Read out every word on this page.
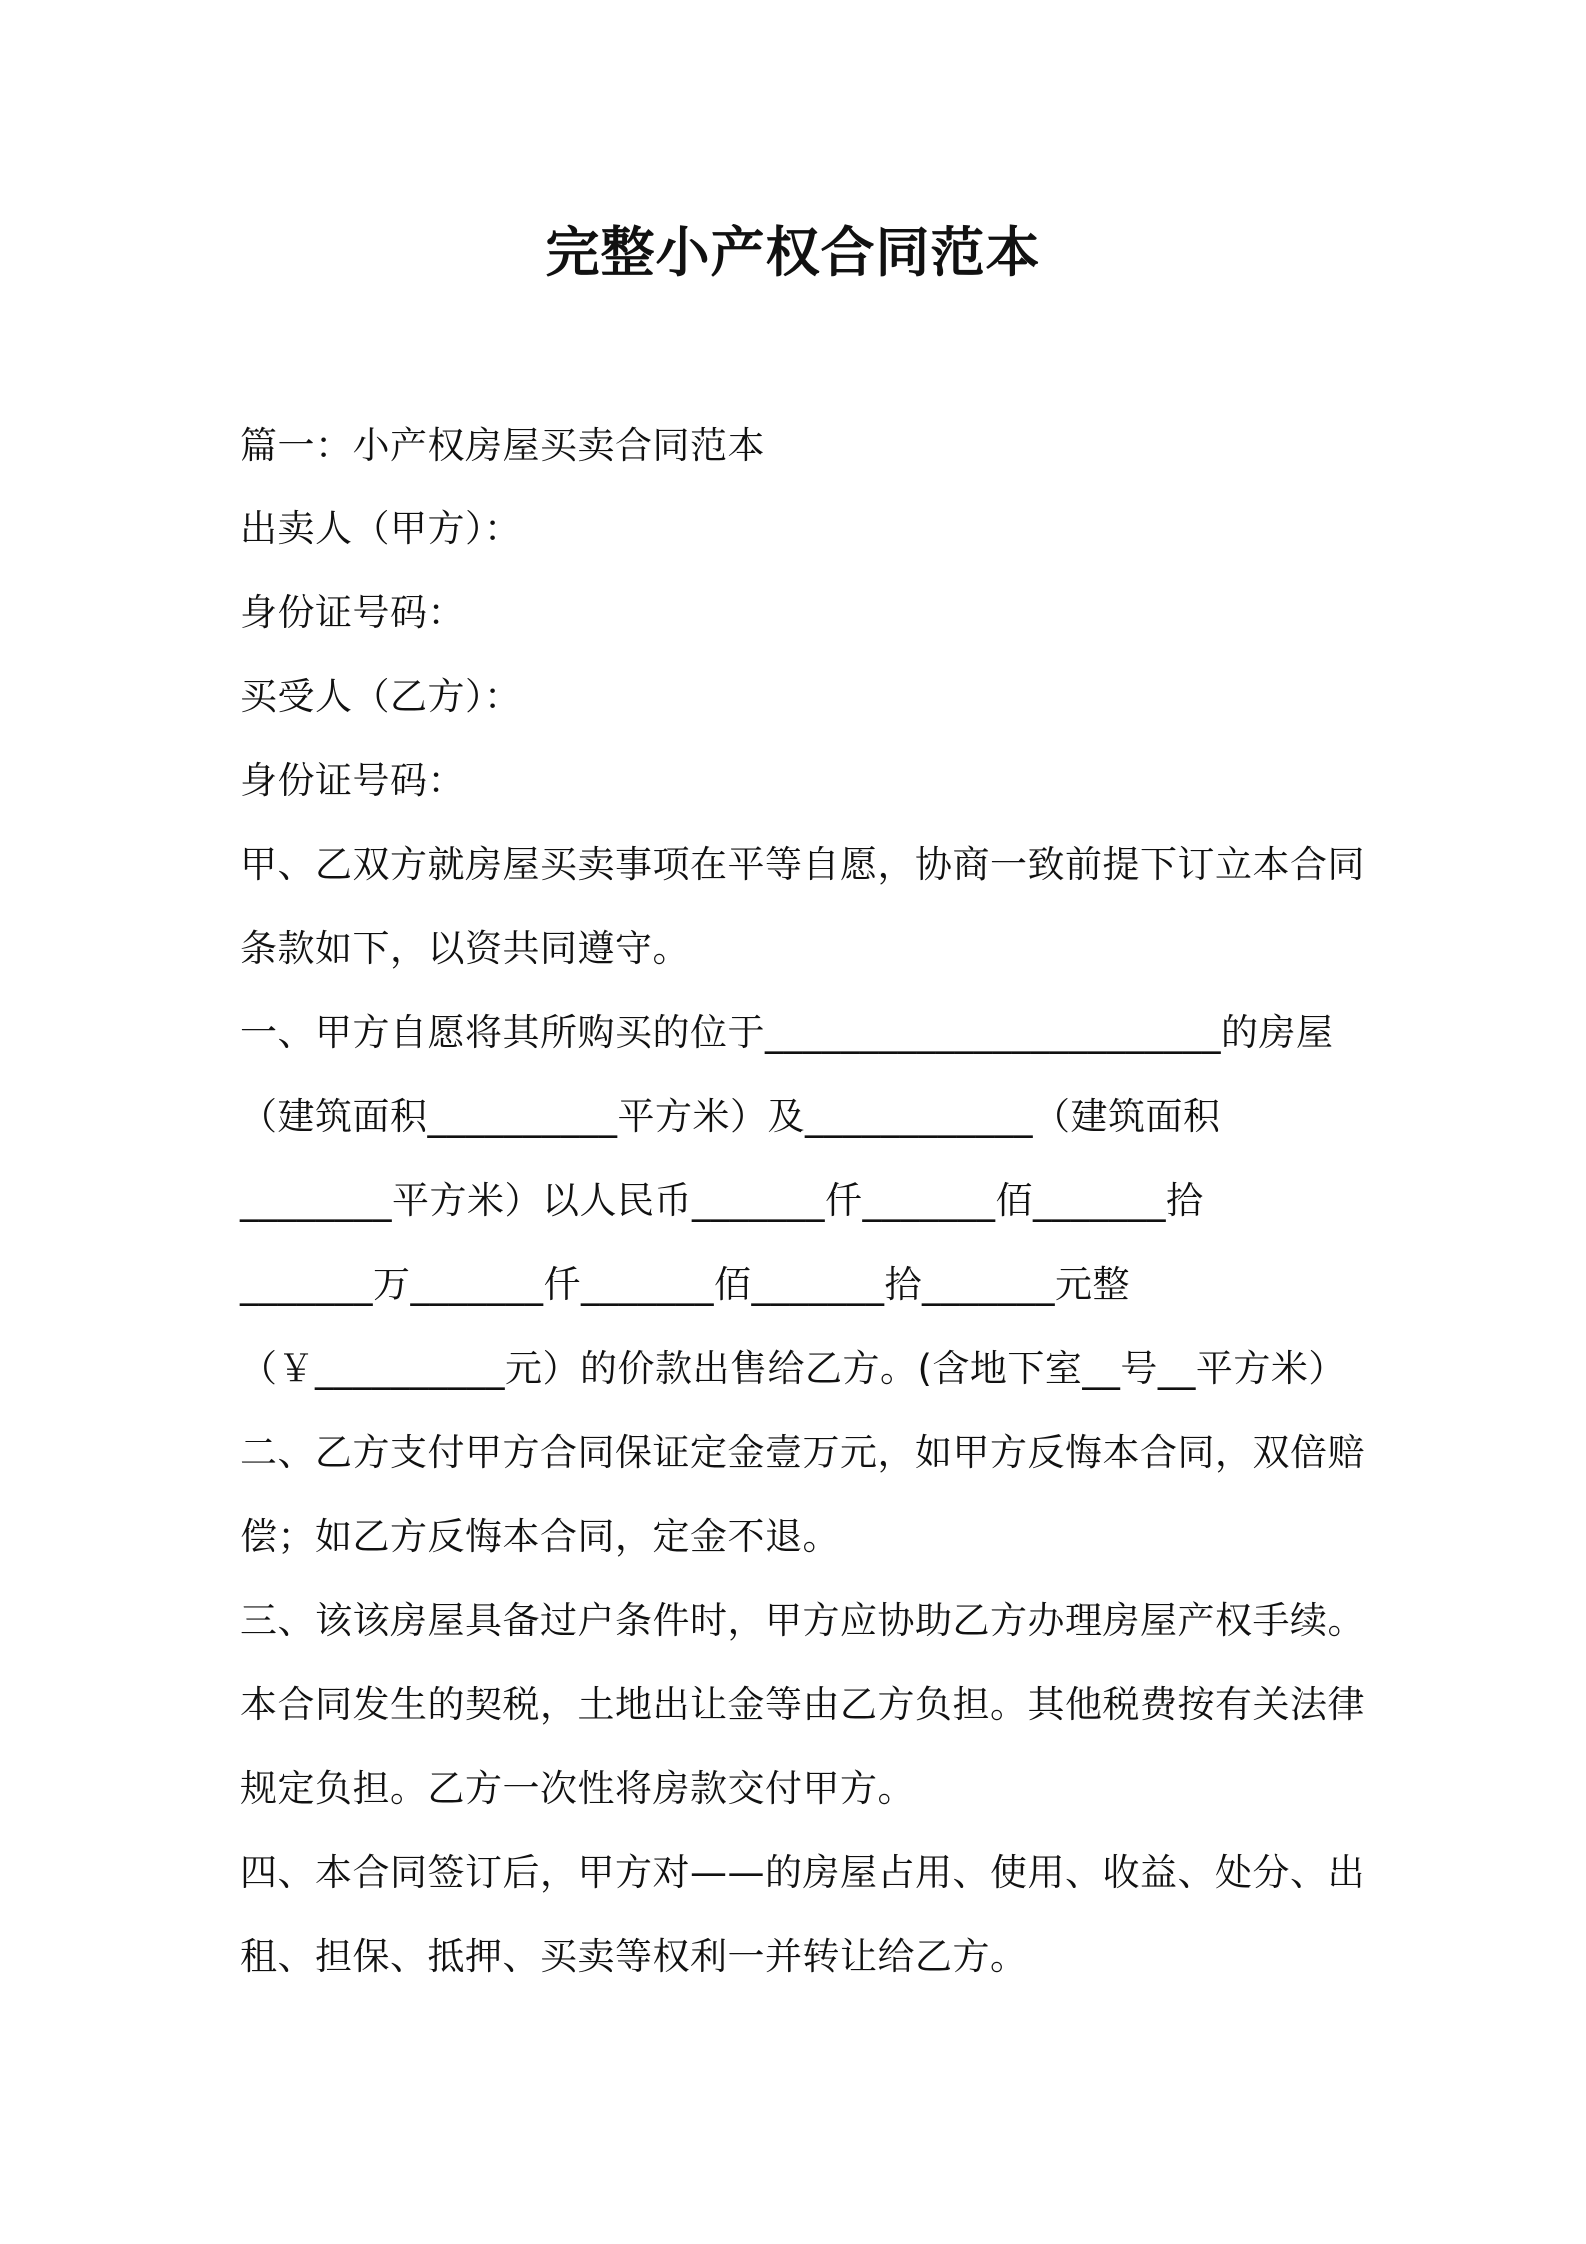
完整小产权合同范本
篇一：小产权房屋买卖合同范本
出卖人（甲方）：
身份证号码：
买受人（乙方）：
身份证号码：
甲、乙双方就房屋买卖事项在平等自愿，协商一致前提下订立本合同
条款如下，以资共同遵守。
一、甲方自愿将其所购买的位于________________________的房屋
（建筑面积__________平方米）及____________（建筑面积
________平方米）以人民币_______仟_______佰_______拾
_______万_______仟_______佰_______拾_______元整
（￥__________元）的价款出售给乙方。(含地下室__号__平方米）
二、乙方支付甲方合同保证定金壹万元，如甲方反悔本合同，双倍赔
偿；如乙方反悔本合同，定金不退。
三、该该房屋具备过户条件时，甲方应协助乙方办理房屋产权手续。
本合同发生的契税，土地出让金等由乙方负担。其他税费按有关法律
规定负担。乙方一次性将房款交付甲方。
四、本合同签订后，甲方对——的房屋占用、使用、收益、处分、出
租、担保、抵押、买卖等权利一并转让给乙方。
